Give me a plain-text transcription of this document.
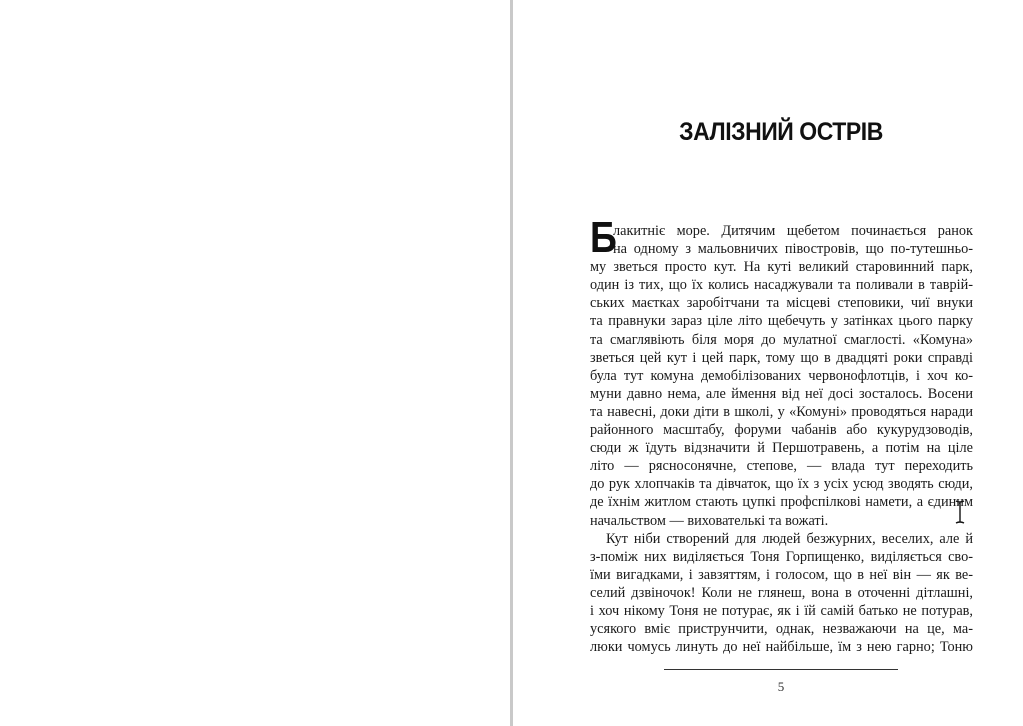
ЗАЛІЗНИЙ ОСТРІВ
Б
лакитніє море. Дитячим щебетом починається ранок
на одному з мальовничих півостровів, що по-тутешньо-
му зветься просто кут. На куті великий старовинний парк,
один із тих, що їх колись насаджували та поливали в таврій-
ських маєтках заробітчани та місцеві степовики, чиї внуки
та правнуки зараз ціле літо щебечуть у затінках цього парку
та смаглявіють біля моря до мулатної смаглості. «Комуна»
зветься цей кут і цей парк, тому що в двадцяті роки справді
була тут комуна демобілізованих червонофлотців, і хоч ко-
муни давно нема, але ймення від неї досі зосталось. Восени
та навесні, доки діти в школі, у «Комуні» проводяться наради
районного масштабу, форуми чабанів або кукурудзоводів,
сюди ж їдуть відзначити й Першотравень, а потім на ціле
літо — рясносонячне, степове, — влада тут переходить
до рук хлопчаків та дівчаток, що їх з усіх усюд зводять сюди,
де їхнім житлом стають цупкі профспілкові намети, а єдиним
начальством — вихователькі та вожаті.
Кут ніби створений для людей безжурних, веселих, але й
з-поміж них виділяється Тоня Горпищенко, виділяється сво-
їми вигадками, і завзяттям, і голосом, що в неї він — як ве-
селий дзвіночок! Коли не глянеш, вона в оточенні дітлашні,
і хоч нікому Тоня не потурає, як і їй самій батько не потурав,
усякого вміє приструнчити, однак, незважаючи на це, ма-
люки чомусь линуть до неї найбільше, їм з нею гарно; Тоню
5
